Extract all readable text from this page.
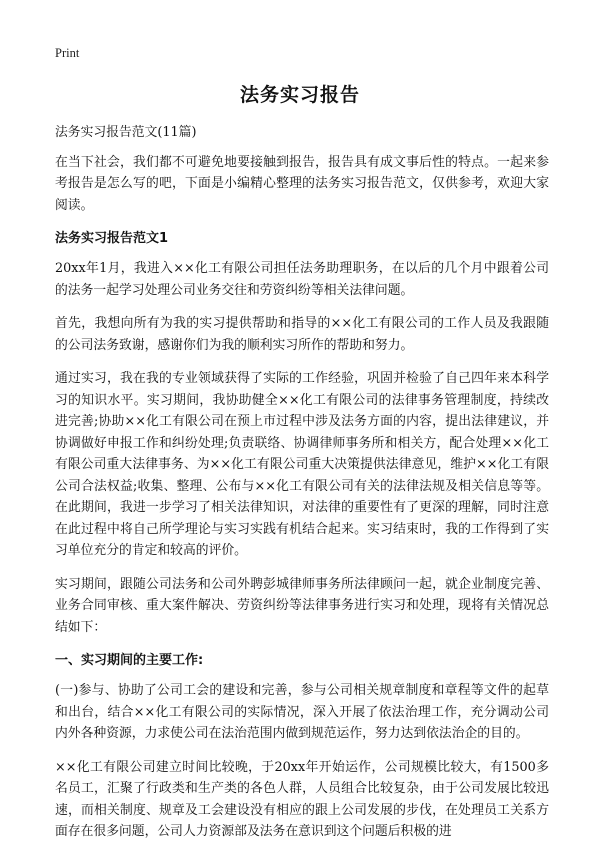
Print
法务实习报告
法务实习报告范文(11篇)

在当下社会，我们都不可避免地要接触到报告，报告具有成文事后性的特点。一起来参考报告是怎么写的吧，下面是小编精心整理的法务实习报告范文，仅供参考，欢迎大家阅读。

法务实习报告范文1

20xx年1月，我进入××化工有限公司担任法务助理职务，在以后的几个月中跟着公司的法务一起学习处理公司业务交往和劳资纠纷等相关法律问题。

首先，我想向所有为我的实习提供帮助和指导的××化工有限公司的工作人员及我跟随的公司法务致谢，感谢你们为我的顺利实习所作的帮助和努力。

通过实习，我在我的专业领域获得了实际的工作经验，巩固并检验了自己四年来本科学习的知识水平。实习期间，我协助健全××化工有限公司的法律事务管理制度，持续改进完善;协助××化工有限公司在预上市过程中涉及法务方面的内容，提出法律建议，并协调做好申报工作和纠纷处理;负责联络、协调律师事务所和相关方，配合处理××化工有限公司重大法律事务、为××化工有限公司重大决策提供法律意见，维护××化工有限公司合法权益;收集、整理、公布与××化工有限公司有关的法律法规及相关信息等等。在此期间，我进一步学习了相关法律知识，对法律的重要性有了更深的理解，同时注意在此过程中将自己所学理论与实习实践有机结合起来。实习结束时，我的工作得到了实习单位充分的肯定和较高的评价。

实习期间，跟随公司法务和公司外聘彭城律师事务所法律顾问一起，就企业制度完善、业务合同审核、重大案件解决、劳资纠纷等法律事务进行实习和处理，现将有关情况总结如下：

一、实习期间的主要工作:

(一)参与、协助了公司工会的建设和完善，参与公司相关规章制度和章程等文件的起草和出台，结合××化工有限公司的实际情况，深入开展了依法治理工作，充分调动公司内外各种资源，力求使公司在法治范围内做到规范运作，努力达到依法治企的目的。

××化工有限公司建立时间比较晚，于20xx年开始运作，公司规模比较大，有1500多名员工，汇聚了行政类和生产类的各色人群，人员组合比较复杂，由于公司发展比较迅速，而相关制度、规章及工会建设没有相应的跟上公司发展的步伐，在处理员工关系方面存在很多问题，公司人力资源部及法务在意识到这个问题后积极的进
